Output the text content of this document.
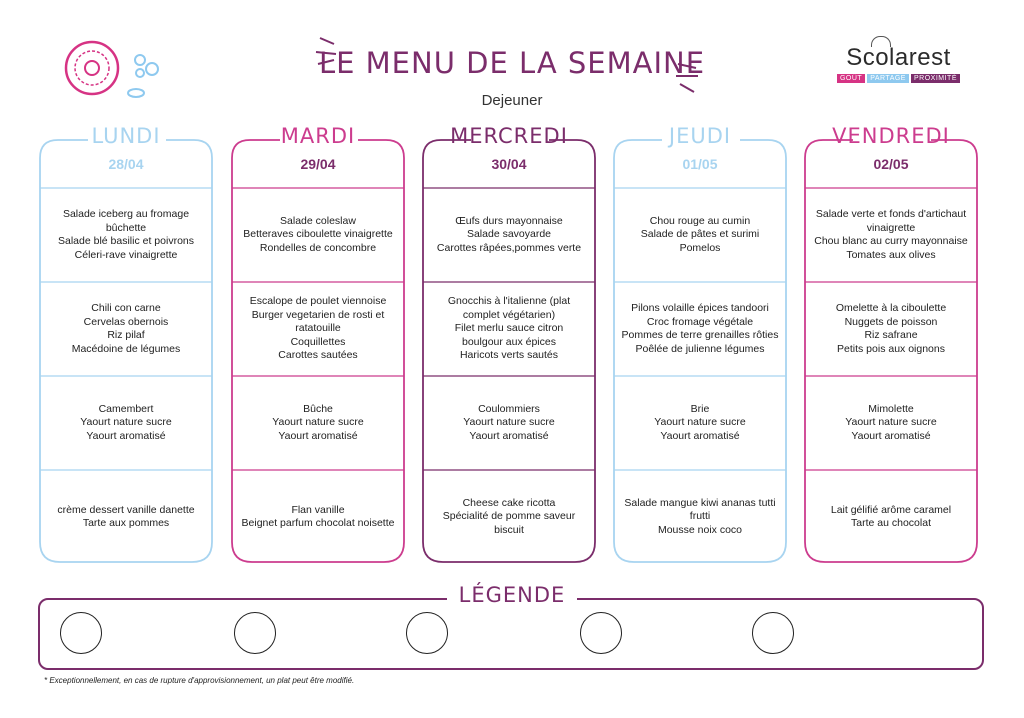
LE MENU DE LA SEMAINE
Dejeuner
Scolarest
GOÛT	PARTAGE	PROXIMITÉ
LUNDI
28/04
Salade iceberg au fromage
bûchette
Salade blé basilic et poivrons
Céleri-rave vinaigrette
Chili con carne
Cervelas obernois
Riz pilaf
Macédoine de légumes
Camembert
Yaourt nature sucre
Yaourt aromatisé
crème dessert vanille danette
Tarte aux pommes
MARDI
29/04
Salade coleslaw
Betteraves ciboulette vinaigrette
Rondelles de concombre
Escalope de poulet viennoise
Burger vegetarien de rosti et
ratatouille
Coquillettes
Carottes sautées
Bûche
Yaourt nature sucre
Yaourt aromatisé
Flan vanille
Beignet parfum chocolat noisette
MERCREDI
30/04
Œufs durs mayonnaise
Salade savoyarde
Carottes râpées,pommes verte
Gnocchis à l'italienne (plat
complet végétarien)
Filet merlu sauce citron
boulgour aux épices
Haricots verts sautés
Coulommiers
Yaourt nature sucre
Yaourt aromatisé
Cheese cake ricotta
Spécialité de pomme saveur
biscuit
JEUDI
01/05
Chou rouge au cumin
Salade de pâtes et surimi
Pomelos
Pilons volaille épices tandoori
Croc fromage végétale
Pommes de terre grenailles rôties
Poêlée de julienne légumes
Brie
Yaourt nature sucre
Yaourt aromatisé
Salade mangue kiwi ananas tutti
frutti
Mousse noix coco
VENDREDI
02/05
Salade verte et fonds d'artichaut
vinaigrette
Chou blanc au curry mayonnaise
Tomates aux olives
Omelette à la ciboulette
Nuggets de poisson
Riz safrane
Petits pois aux oignons
Mimolette
Yaourt nature sucre
Yaourt aromatisé
Lait gélifié arôme caramel
Tarte au chocolat
LÉGENDE
* Exceptionnellement, en cas de rupture d'approvisionnement, un plat peut être modifié.
